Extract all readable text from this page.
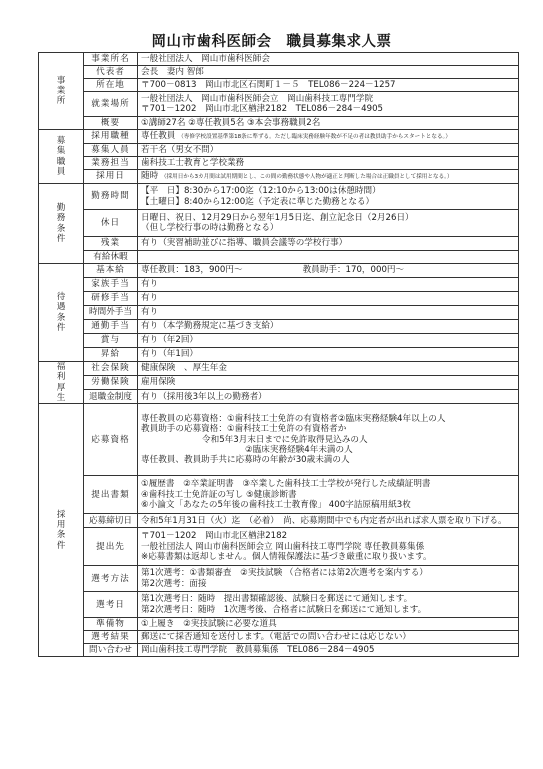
岡山市歯科医師会　職員募集求人票
事
業
所	事業所名	一般社団法人　岡山市歯科医師会
	代表者	会長　妻内 智郎
	所在地	〒700－0813　岡山市北区石関町１－５　TEL086－224－1257
	就業場所	一般社団法人　岡山市歯科医師会立　岡山歯科技工専門学院
〒701－1202　岡山市北区楢津2182　TEL086－284－4905

	概要	①講師27名 ②専任教員5名 ③本会事務職員2名

募
集
職
員	採用職種	専任教員 （専修学校設置基準第18条に準ずる。ただし臨床実務経験年数が不足の者は教員助手からスタートとなる。）
	募集人員	若干名（男女不問）
	業務担当	歯科技工士教育と学校業務
	採用日	随時 （採用日から3カ月間は試用期間とし、この間の勤務状態や人物が適正と判断した場合は正職員として採用となる。）

勤
務
条
件	勤務時間	【平　日】8:30から17:00迄（12:10から13:00は休憩時間）
【土曜日】8:40から12:00迄（予定表に準じた勤務となる）

	休日	日曜日、祝日、12月29日から翌年1月5日迄、創立記念日（2月26日）
（但し学校行事の時は勤務となる）

	残業	有り（実習補助並びに指導、職員会議等の学校行事）
	有給休暇	

待
遇
条
件	基本給	専任教員：183，900円～ 教員助手：170，000円～
	家族手当	有り
	研修手当	有り
	時間外手当	有り
	通勤手当	有り（本学勤務規定に基づき支給）
	賞与	有り（年2回）
	昇給	有り（年1回）

福
利
厚
生	社会保険	健康保険　、厚生年金
	労働保険	雇用保険
	退職金制度	有り（採用後3年以上の勤務者）

採
用
条
件	応募資格	専任教員の応募資格：①歯科技工士免許の有資格者②臨床実務経験4年以上の人
教員助手の応募資格：①歯科技工士免許の有資格者か
令和5年3月末日までに免許取得見込みの人
②臨床実務経験4年未満の人
専任教員、教員助手共に応募時の年齢が30歳未満の人

	提出書類	①履歴書　②卒業証明書　③卒業した歯科技工士学校が発行した成績証明書
④歯科技工士免許証の写し ⑤健康診断書
⑥小論文「あなたの5年後の歯科技工士教育像」 400字詰原稿用紙3枚

	応募締切日	令和5年1月31日（火）迄　（必着）　尚、応募期間中でも内定者が出れば求人票を取り下げる。
	提出先	〒701－1202　岡山市北区楢津2182
一般社団法人 岡山市歯科医師会立 岡山歯科技工専門学院 専任教員募集係
※応募書類は返却しません。個人情報保護法に基づき厳重に取り扱います。

	選考方法	第1次選考：①書類審査　②実技試験 （合格者には第2次選考を案内する）
第2次選考：面接

	選考日	第1次選考日：随時　提出書類確認後、試験日を郵送にて通知します。
第2次選考日：随時　1次選考後、合格者に試験日を郵送にて通知します。

	準備物	①上履き　②実技試験に必要な道具
	選考結果	郵送にて採否通知を送付します。（電話での問い合わせには応じない）
	問い合わせ	岡山歯科技工専門学院　教員募集係　TEL086－284－4905
